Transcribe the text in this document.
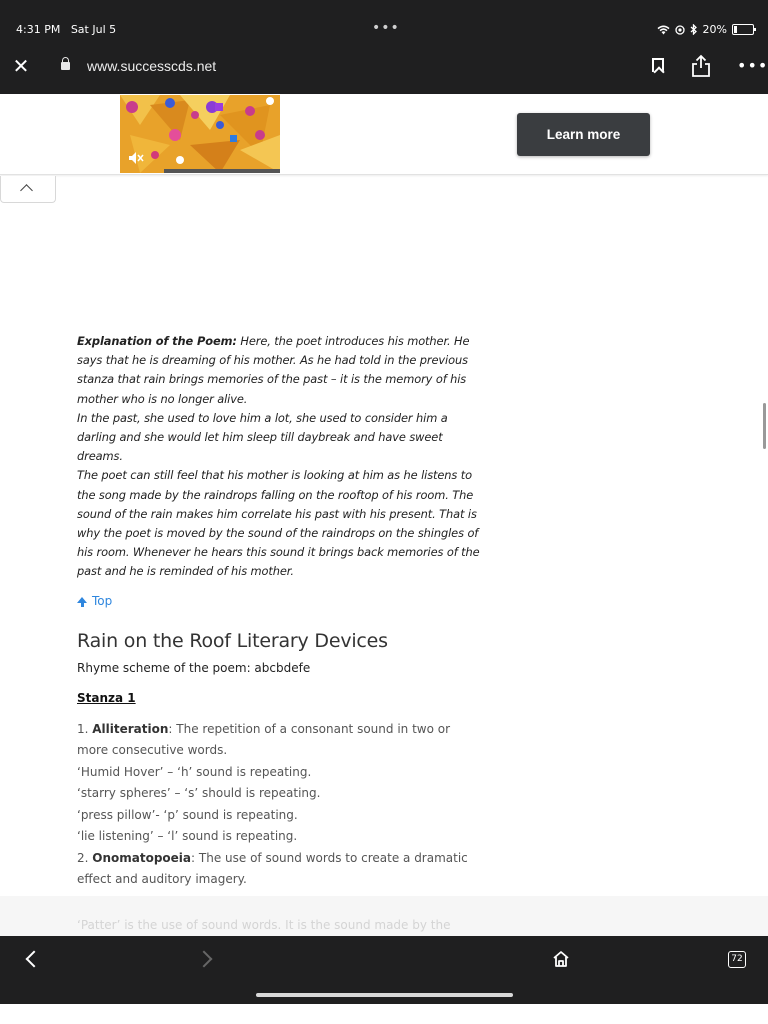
4:31 PM Sat Jul 5	•••	20%
✕	www.successcds.net	•••
Learn more

Explanation of the Poem: Here, the poet introduces his mother. He says that he is dreaming of his mother. As he had told in the previous stanza that rain brings memories of the past – it is the memory of his mother who is no longer alive.

In the past, she used to love him a lot, she used to consider him a darling and she would let him sleep till daybreak and have sweet dreams.

The poet can still feel that his mother is looking at him as he listens to the song made by the raindrops falling on the rooftop of his room. The sound of the rain makes him correlate his past with his present. That is why the poet is moved by the sound of the raindrops on the shingles of his room. Whenever he hears this sound it brings back memories of the past and he is reminded of his mother.

Top
Rain on the Roof Literary Devices
Rhyme scheme of the poem: abcbdefe
Stanza 1
1. Alliteration: The repetition of a consonant sound in two or
more consecutive words.
‘Humid Hover’ – ‘h’ sound is repeating.
‘starry spheres’ – ‘s’ should is repeating.
‘press pillow’- ‘p’ sound is repeating.
‘lie listening’ – ‘l’ sound is repeating.
2. Onomatopoeia: The use of sound words to create a dramatic
effect and auditory imagery.
‘Patter’ is the use of sound words. It is the sound made by the
72
